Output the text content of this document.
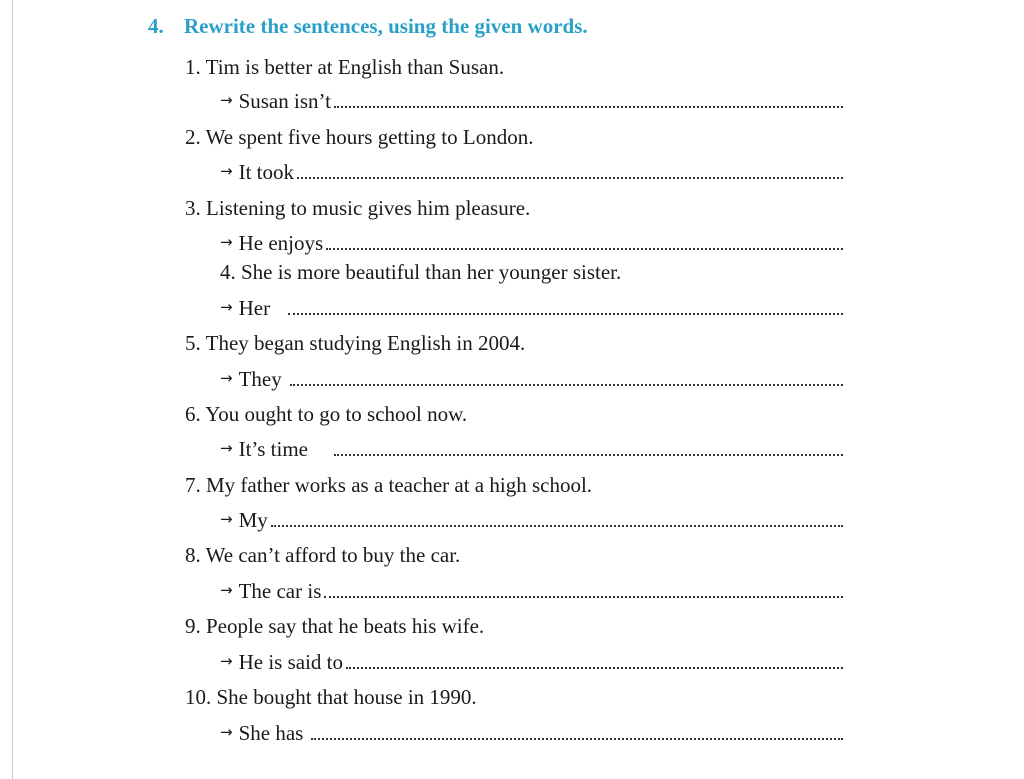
4. Rewrite the sentences, using the given words.
1. Tim is better at English than Susan.
→ Susan isn’t
2. We spent five hours getting to London.
→ It took
3. Listening to music gives him pleasure.
→ He enjoys
4. She is more beautiful than her younger sister.
→ Her
5. They began studying English in 2004.
→ They
6. You ought to go to school now.
→ It’s time
7. My father works as a teacher at a high school.
→ My
8. We can’t afford to buy the car.
→ The car is
9. People say that he beats his wife.
→ He is said to
10. She bought that house in 1990.
→ She has
